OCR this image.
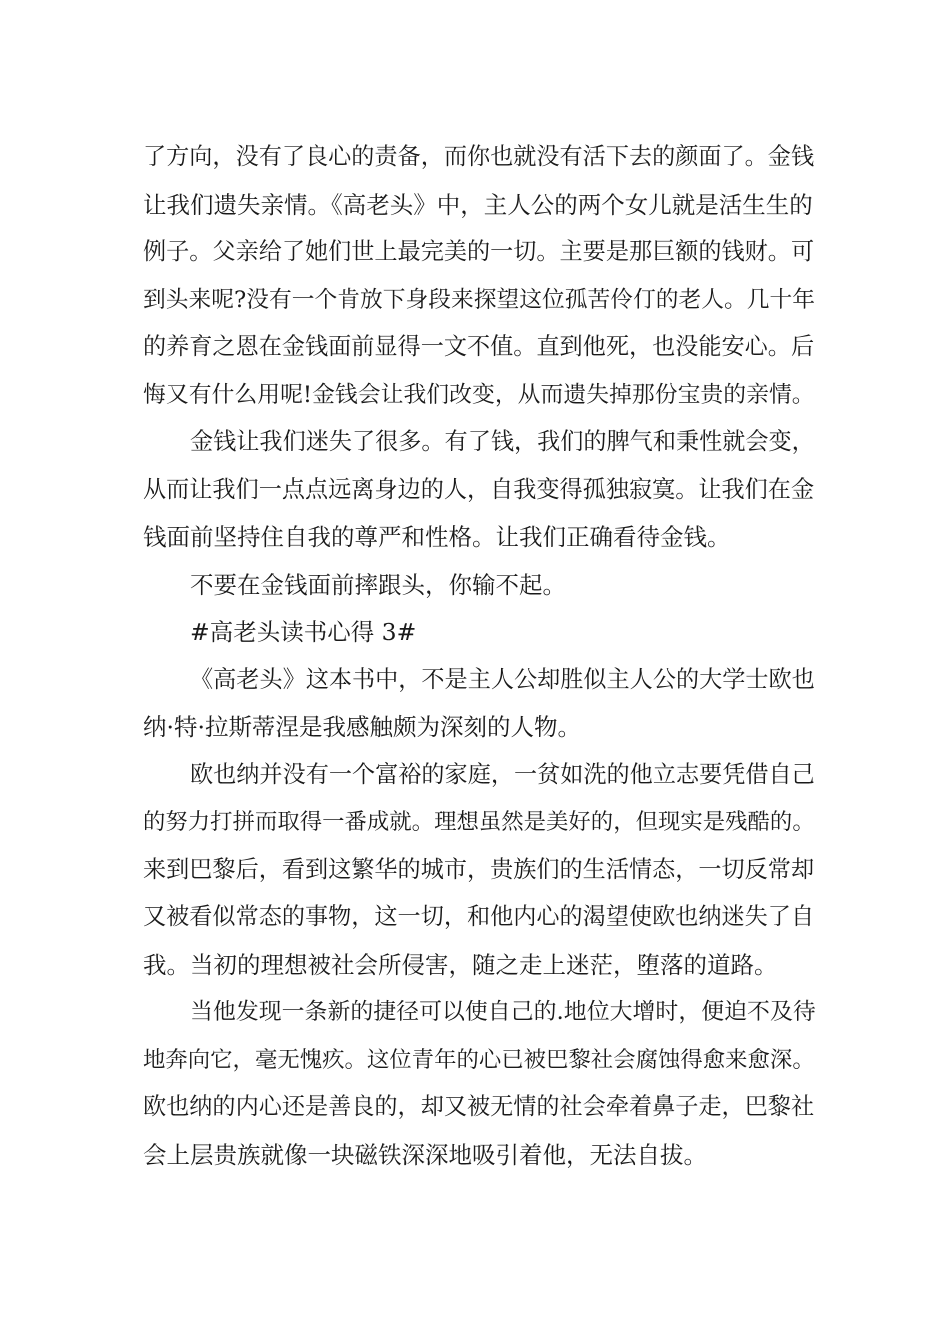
了方向，没有了良心的责备，而你也就没有活下去的颜面了。金钱
让我们遗失亲情。《高老头》中，主人公的两个女儿就是活生生的
例子。父亲给了她们世上最完美的一切。主要是那巨额的钱财。可
到头来呢?没有一个肯放下身段来探望这位孤苦伶仃的老人。几十年
的养育之恩在金钱面前显得一文不值。直到他死，也没能安心。后
悔又有什么用呢!金钱会让我们改变，从而遗失掉那份宝贵的亲情。
金钱让我们迷失了很多。有了钱，我们的脾气和秉性就会变，
从而让我们一点点远离身边的人，自我变得孤独寂寞。让我们在金
钱面前坚持住自我的尊严和性格。让我们正确看待金钱。
不要在金钱面前摔跟头，你输不起。
#高老头读书心得 3#
《高老头》这本书中，不是主人公却胜似主人公的大学士欧也
纳·特·拉斯蒂涅是我感触颇为深刻的人物。
欧也纳并没有一个富裕的家庭，一贫如洗的他立志要凭借自己
的努力打拼而取得一番成就。理想虽然是美好的，但现实是残酷的。
来到巴黎后，看到这繁华的城市，贵族们的生活情态，一切反常却
又被看似常态的事物，这一切，和他内心的渴望使欧也纳迷失了自
我。当初的理想被社会所侵害，随之走上迷茫，堕落的道路。
当他发现一条新的捷径可以使自己的.地位大增时，便迫不及待
地奔向它，毫无愧疚。这位青年的心已被巴黎社会腐蚀得愈来愈深。
欧也纳的内心还是善良的，却又被无情的社会牵着鼻子走，巴黎社
会上层贵族就像一块磁铁深深地吸引着他，无法自拔。
